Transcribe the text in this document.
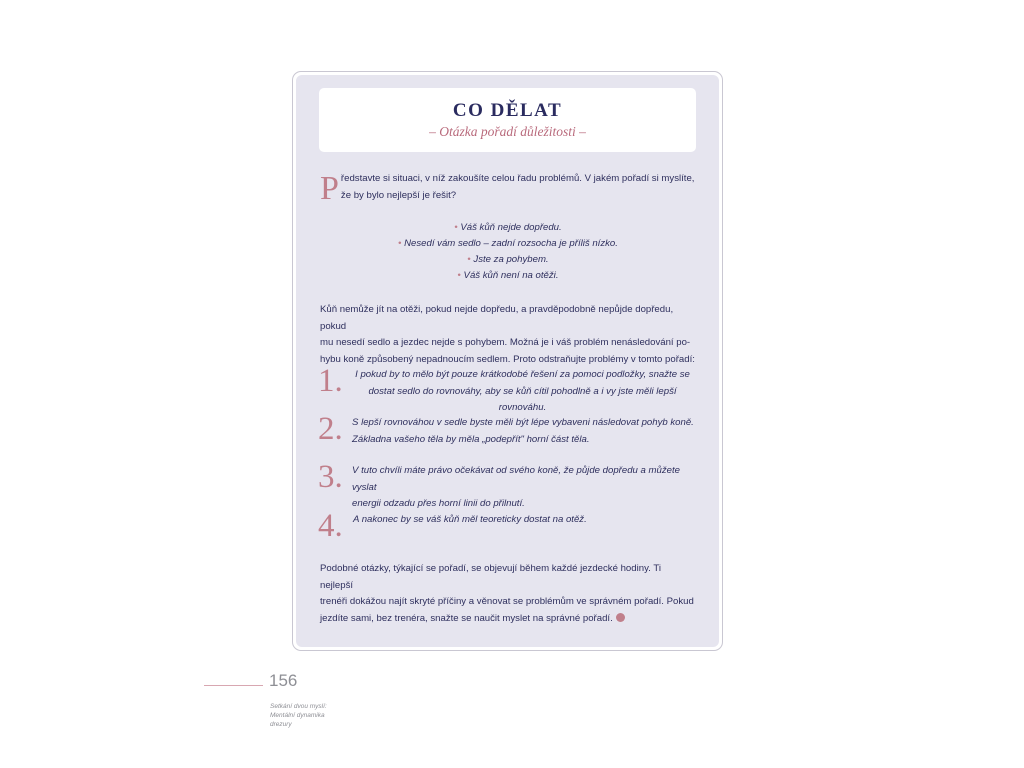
CO DĚLAT
– Otázka pořadí důležitosti –
P ředstavte si situaci, v níž zakoušíte celou řadu problémů. V jakém pořadí si myslíte,
že by bylo nejlepší je řešit?
• Váš kůň nejde dopředu.
• Nesedí vám sedlo – zadní rozsocha je příliš nízko.
• Jste za pohybem.
• Váš kůň není na otěži.
Kůň nemůže jít na otěži, pokud nejde dopředu, a pravděpodobně nepůjde dopředu, pokud
mu nesedí sedlo a jezdec nejde s pohybem. Možná je i váš problém nenásledování po-
hybu koně způsobený nepadnoucím sedlem. Proto odstraňujte problémy v tomto pořadí:
1.	I pokud by to mělo být pouze krátkodobé řešení za pomoci podložky, snažte se
dostat sedlo do rovnováhy, aby se kůň cítil pohodlně a i vy jste měli lepší rovnováhu.
2. S lepší rovnováhou v sedle byste měli být lépe vybaveni následovat pohyb koně.
Základna vašeho těla by měla „podepřít" horní část těla.
3. V tuto chvíli máte právo očekávat od svého koně, že půjde dopředu a můžete vyslat
energii odzadu přes horní linii do přilnutí.
4. A nakonec by se váš kůň měl teoreticky dostat na otěž.
Podobné otázky, týkající se pořadí, se objevují během každé jezdecké hodiny. Ti nejlepší
trenéři dokážou najít skryté příčiny a věnovat se problémům ve správném pořadí. Pokud
jezdíte sami, bez trenéra, snažte se naučit myslet na správné pořadí.
156
Setkání dvou myslí:
Mentální dynamika
drezury
